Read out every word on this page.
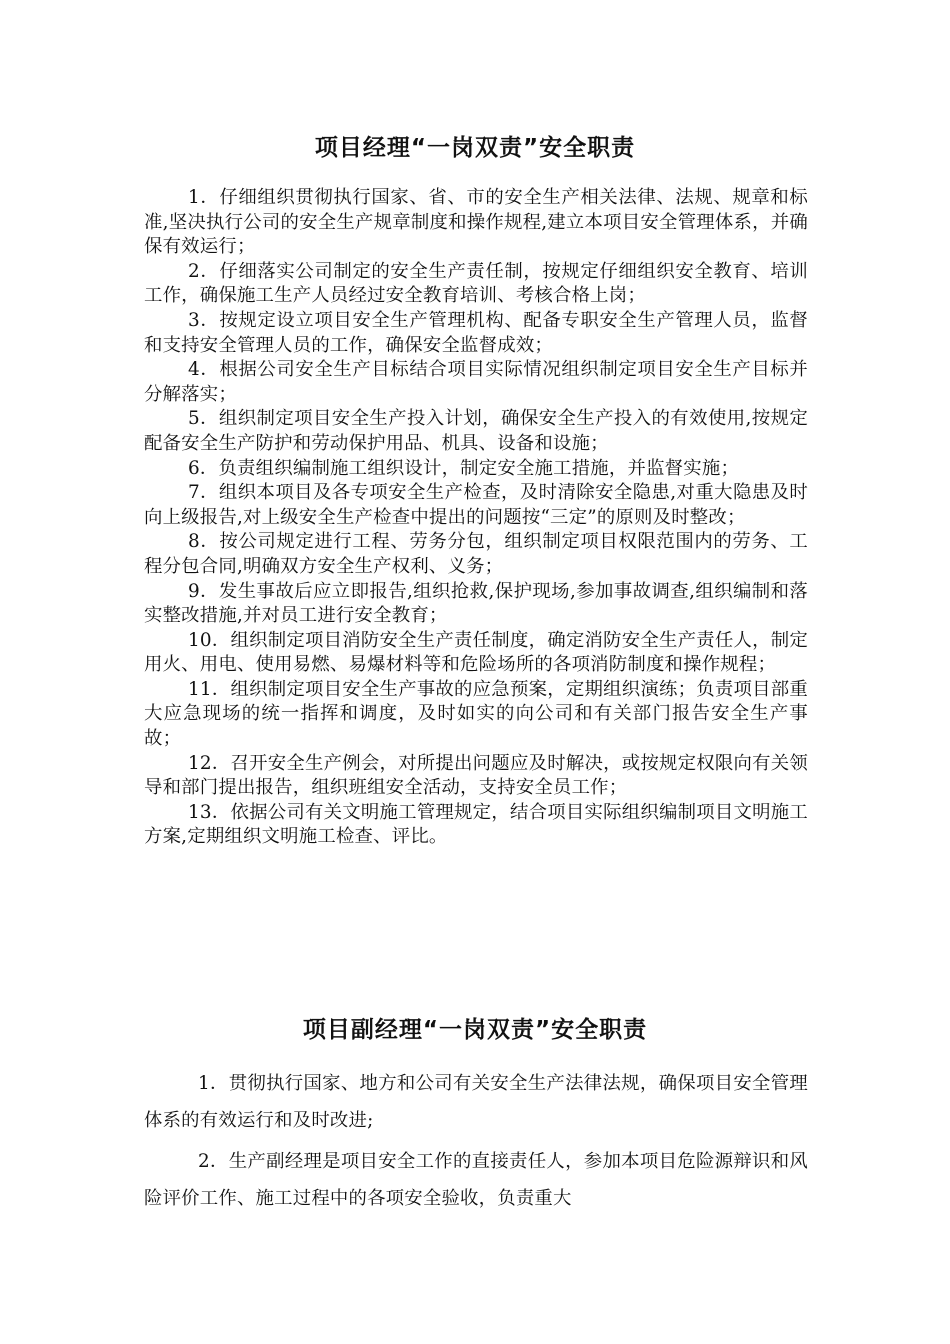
项目经理“一岗双责”安全职责

1．仔细组织贯彻执行国家、省、市的安全生产相关法律、法规、规章和标准,坚决执行公司的安全生产规章制度和操作规程,建立本项目安全管理体系，并确保有效运行；

2．仔细落实公司制定的安全生产责任制，按规定仔细组织安全教育、培训工作，确保施工生产人员经过安全教育培训、考核合格上岗；

3．按规定设立项目安全生产管理机构、配备专职安全生产管理人员，监督和支持安全管理人员的工作，确保安全监督成效；

4．根据公司安全生产目标结合项目实际情况组织制定项目安全生产目标并分解落实；

5．组织制定项目安全生产投入计划，确保安全生产投入的有效使用,按规定配备安全生产防护和劳动保护用品、机具、设备和设施；

6．负责组织编制施工组织设计，制定安全施工措施，并监督实施；

7．组织本项目及各专项安全生产检查，及时清除安全隐患,对重大隐患及时向上级报告,对上级安全生产检查中提出的问题按“三定”的原则及时整改；

8．按公司规定进行工程、劳务分包，组织制定项目权限范围内的劳务、工程分包合同,明确双方安全生产权利、义务；

9．发生事故后应立即报告,组织抢救,保护现场,参加事故调查,组织编制和落实整改措施,并对员工进行安全教育；

10．组织制定项目消防安全生产责任制度，确定消防安全生产责任人，制定用火、用电、使用易燃、易爆材料等和危险场所的各项消防制度和操作规程；

11．组织制定项目安全生产事故的应急预案，定期组织演练；负责项目部重大应急现场的统一指挥和调度，及时如实的向公司和有关部门报告安全生产事故；

12．召开安全生产例会，对所提出问题应及时解决，或按规定权限向有关领导和部门提出报告，组织班组安全活动，支持安全员工作；

13．依据公司有关文明施工管理规定，结合项目实际组织编制项目文明施工方案,定期组织文明施工检查、评比。

项目副经理“一岗双责”安全职责

1．贯彻执行国家、地方和公司有关安全生产法律法规，确保项目安全管理体系的有效运行和及时改进;

2．生产副经理是项目安全工作的直接责任人，参加本项目危险源辩识和风险评价工作、施工过程中的各项安全验收，负责重大
